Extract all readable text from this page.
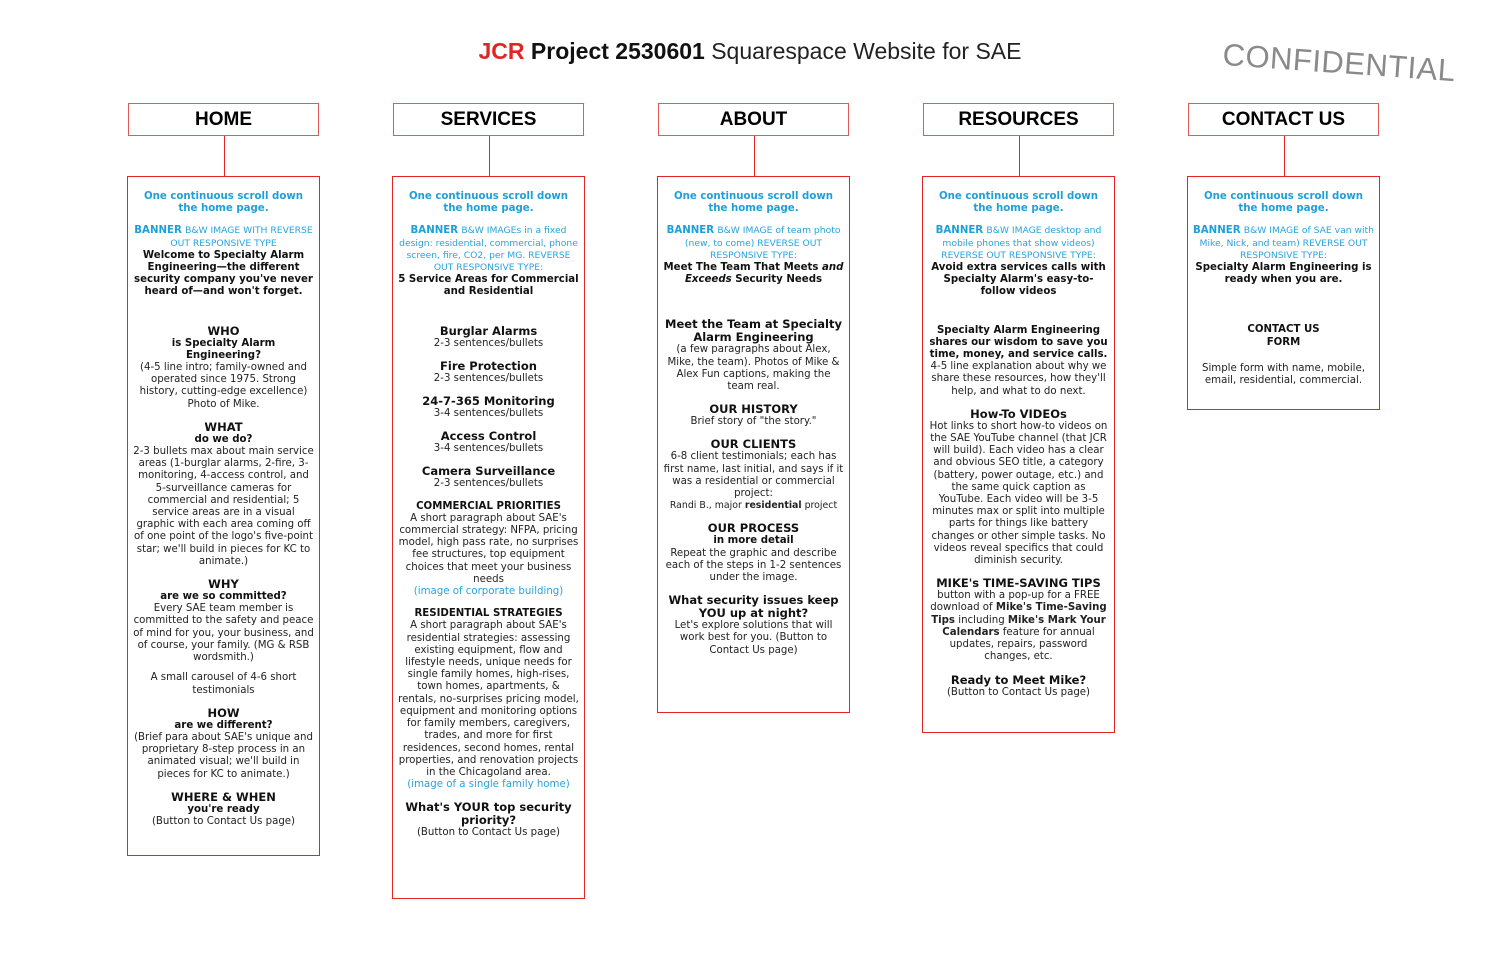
JCR Project 2530601 Squarespace Website for SAE	CONFIDENTIAL
HOME
One continuous scroll down the home page.
BANNER B&W IMAGE WITH REVERSE OUT RESPONSIVE TYPE
Welcome to Specialty Alarm Engineering—the different security company you've never heard of—and won't forget.
WHO
is Specialty Alarm Engineering?
(4-5 line intro; family-owned and operated since 1975. Strong history, cutting-edge excellence) Photo of Mike.
WHAT
do we do?
2-3 bullets max about main service areas (1-burglar alarms, 2-fire, 3-monitoring, 4-access control, and 5-surveillance cameras for commercial and residential; 5 service areas are in a visual graphic with each area coming off of one point of the logo's five-point star; we'll build in pieces for KC to animate.)
WHY
are we so committed?
Every SAE team member is committed to the safety and peace of mind for you, your business, and of course, your family. (MG & RSB wordsmith.)
A small carousel of 4-6 short testimonials
HOW
are we different?
(Brief para about SAE's unique and proprietary 8-step process in an animated visual; we'll build in pieces for KC to animate.)
WHERE & WHEN
you're ready
(Button to Contact Us page)
SERVICES
One continuous scroll down the home page.
BANNER B&W IMAGEs in a fixed design: residential, commercial, phone screen, fire, CO2, per MG. REVERSE OUT RESPONSIVE TYPE:
5 Service Areas for Commercial and Residential
Burglar Alarms
2-3 sentences/bullets
Fire Protection
2-3 sentences/bullets
24-7-365 Monitoring
3-4 sentences/bullets
Access Control
3-4 sentences/bullets
Camera Surveillance
2-3 sentences/bullets
COMMERCIAL PRIORITIES
A short paragraph about SAE's commercial strategy: NFPA, pricing model, high pass rate, no surprises fee structures, top equipment choices that meet your business needs
(image of corporate building)
RESIDENTIAL STRATEGIES
A short paragraph about SAE's residential strategies: assessing existing equipment, flow and lifestyle needs, unique needs for single family homes, high-rises, town homes, apartments, & rentals, no-surprises pricing model, equipment and monitoring options for family members, caregivers, trades, and more for first residences, second homes, rental properties, and renovation projects in the Chicagoland area.
(image of a single family home)
What's YOUR top security priority?
(Button to Contact Us page)
ABOUT
One continuous scroll down the home page.
BANNER B&W IMAGE of team photo (new, to come) REVERSE OUT RESPONSIVE TYPE:
Meet The Team That Meets and Exceeds Security Needs
Meet the Team at Specialty Alarm Engineering
(a few paragraphs about Alex, Mike, the team). Photos of Mike & Alex Fun captions, making the team real.
OUR HISTORY
Brief story of "the story."
OUR CLIENTS
6-8 client testimonials; each has first name, last initial, and says if it was a residential or commercial project:
Randi B., major residential project
OUR PROCESS
in more detail
Repeat the graphic and describe each of the steps in 1-2 sentences under the image.
What security issues keep YOU up at night?
Let's explore solutions that will work best for you. (Button to Contact Us page)
RESOURCES
One continuous scroll down the home page.
BANNER B&W IMAGE desktop and mobile phones that show videos) REVERSE OUT RESPONSIVE TYPE:
Avoid extra services calls with Specialty Alarm's easy-to-follow videos
Specialty Alarm Engineering shares our wisdom to save you time, money, and service calls.
4-5 line explanation about why we share these resources, how they'll help, and what to do next.
How-To VIDEOs
Hot links to short how-to videos on the SAE YouTube channel (that JCR will build). Each video has a clear and obvious SEO title, a category (battery, power outage, etc.) and the same quick caption as YouTube. Each video will be 3-5 minutes max or split into multiple parts for things like battery changes or other simple tasks. No videos reveal specifics that could diminish security.
MIKE's TIME-SAVING TIPS
button with a pop-up for a FREE download of Mike's Time-Saving Tips including Mike's Mark Your Calendars feature for annual updates, repairs, password changes, etc.
Ready to Meet Mike?
(Button to Contact Us page)
CONTACT US
One continuous scroll down the home page.
BANNER B&W IMAGE of SAE van with Mike, Nick, and team) REVERSE OUT RESPONSIVE TYPE:
Specialty Alarm Engineering is ready when you are.
CONTACT US FORM
Simple form with name, mobile, email, residential, commercial.
